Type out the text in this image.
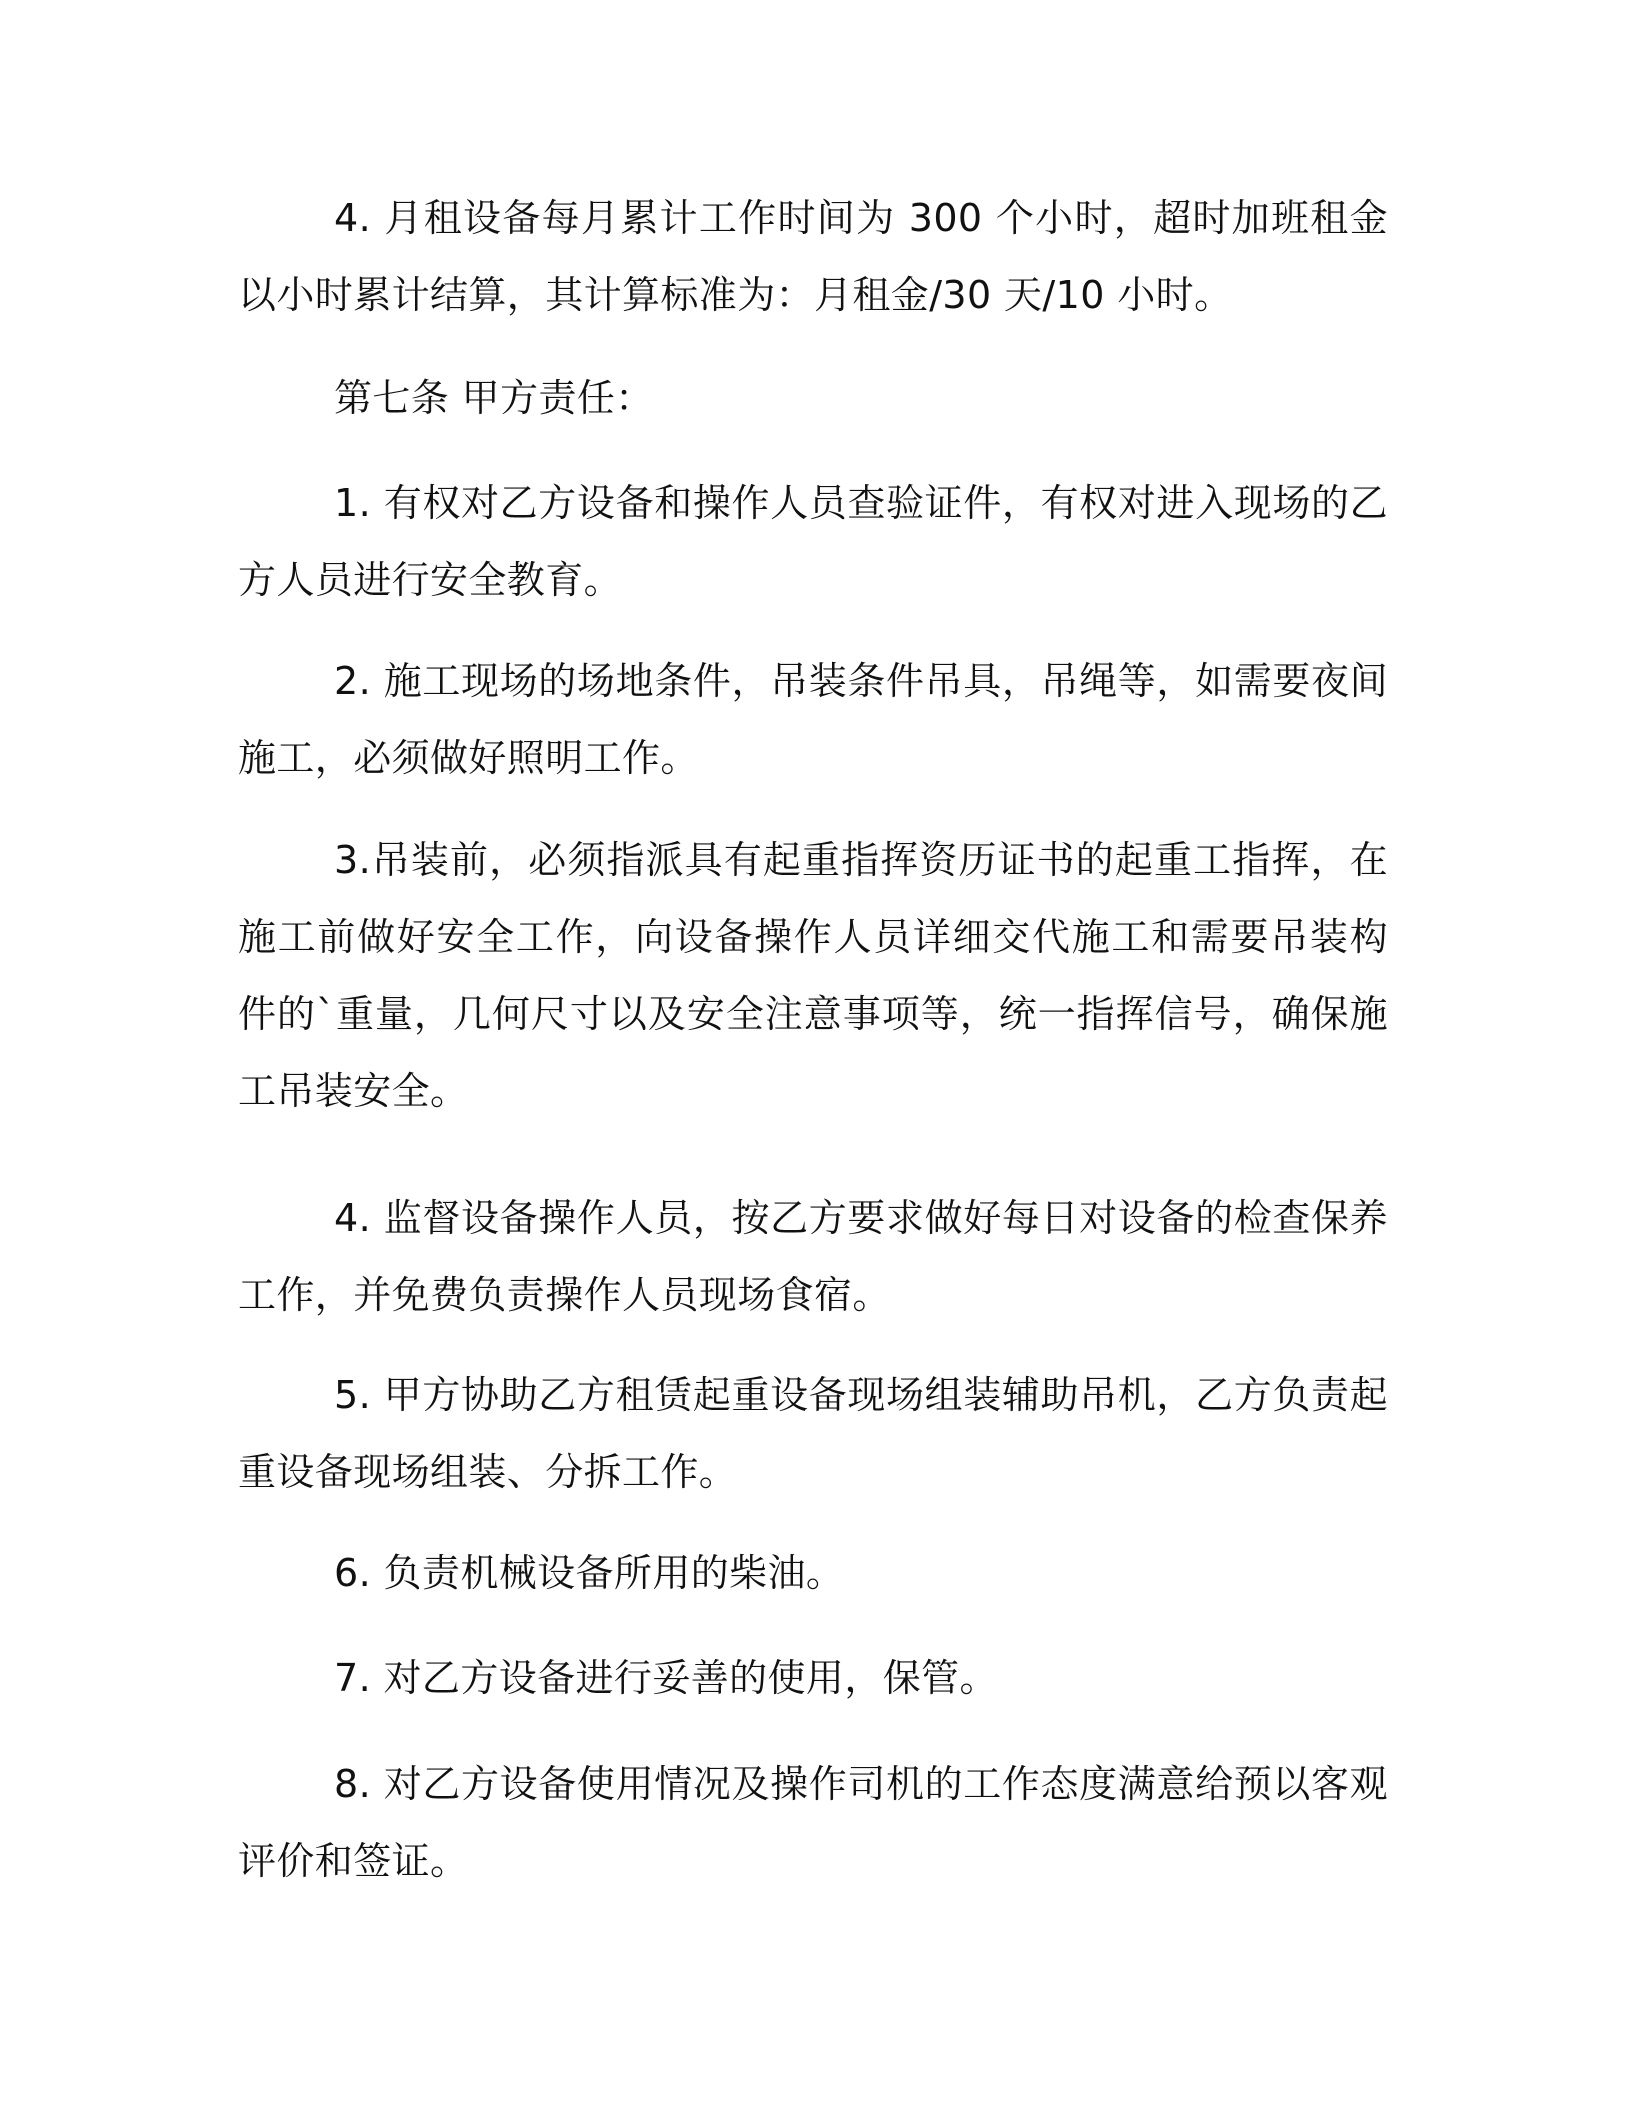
4. 月租设备每月累计工作时间为 300 个小时，超时加班租金以小时累计结算，其计算标准为：月租金/30 天/10 小时。

第七条 甲方责任：

1. 有权对乙方设备和操作人员查验证件，有权对进入现场的乙方人员进行安全教育。

2. 施工现场的场地条件，吊装条件吊具，吊绳等，如需要夜间施工，必须做好照明工作。

3.吊装前，必须指派具有起重指挥资历证书的起重工指挥，在施工前做好安全工作，向设备操作人员详细交代施工和需要吊装构件的`重量，几何尺寸以及安全注意事项等，统一指挥信号，确保施工吊装安全。

4. 监督设备操作人员，按乙方要求做好每日对设备的检查保养工作，并免费负责操作人员现场食宿。

5. 甲方协助乙方租赁起重设备现场组装辅助吊机，乙方负责起重设备现场组装、分拆工作。

6. 负责机械设备所用的柴油。

7. 对乙方设备进行妥善的使用，保管。

8. 对乙方设备使用情况及操作司机的工作态度满意给预以客观评价和签证。
